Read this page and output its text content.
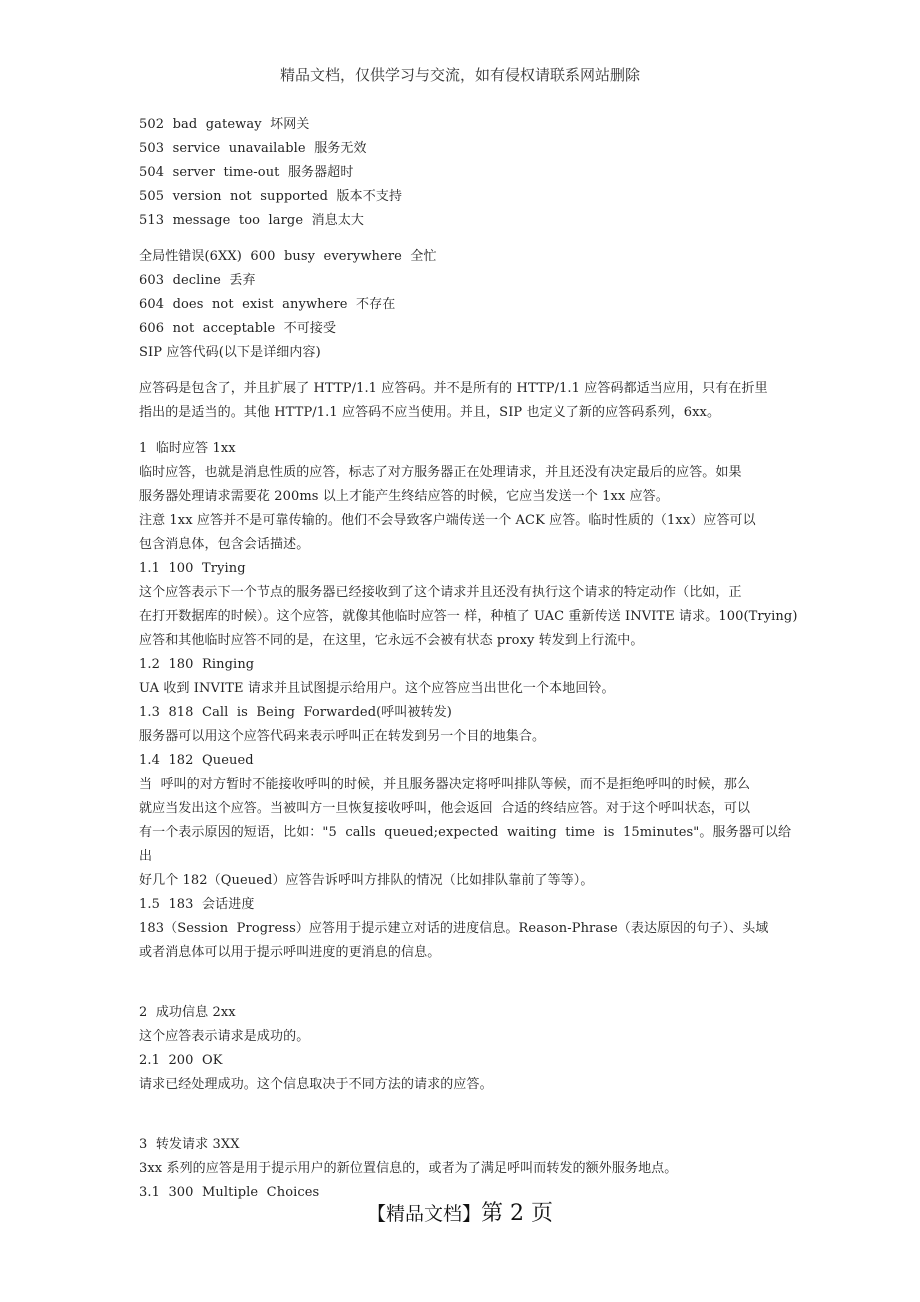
精品文档，仅供学习与交流，如有侵权请联系网站删除

502  bad  gateway  坏网关

503  service  unavailable  服务无效

504  server  time-out  服务器超时

505  version  not  supported  版本不支持

513  message  too  large  消息太大

全局性错误(6XX)  600  busy  everywhere  全忙

603  decline  丢弃

604  does  not  exist  anywhere  不存在

606  not  acceptable  不可接受

SIP 应答代码(以下是详细内容)

应答码是包含了，并且扩展了 HTTP/1.1 应答码。并不是所有的 HTTP/1.1 应答码都适当应用，只有在折里

指出的是适当的。其他 HTTP/1.1 应答码不应当使用。并且，SIP 也定义了新的应答码系列，6xx。

1  临时应答 1xx

临时应答，也就是消息性质的应答，标志了对方服务器正在处理请求，并且还没有决定最后的应答。如果

服务器处理请求需要花 200ms 以上才能产生终结应答的时候，它应当发送一个 1xx 应答。

注意 1xx 应答并不是可靠传输的。他们不会导致客户端传送一个 ACK 应答。临时性质的（1xx）应答可以

包含消息体，包含会话描述。

1.1  100  Trying

这个应答表示下一个节点的服务器已经接收到了这个请求并且还没有执行这个请求的特定动作（比如，正

在打开数据库的时候）。这个应答，就像其他临时应答一 样，种植了 UAC 重新传送 INVITE 请求。100(Trying)

应答和其他临时应答不同的是，在这里，它永远不会被有状态 proxy 转发到上行流中。

1.2  180  Ringing

UA 收到 INVITE 请求并且试图提示给用户。这个应答应当出世化一个本地回铃。

1.3  818  Call  is  Being  Forwarded(呼叫被转发)

服务器可以用这个应答代码来表示呼叫正在转发到另一个目的地集合。

1.4  182  Queued

当  呼叫的对方暂时不能接收呼叫的时候，并且服务器决定将呼叫排队等候，而不是拒绝呼叫的时候，那么

就应当发出这个应答。当被叫方一旦恢复接收呼叫，他会返回  合适的终结应答。对于这个呼叫状态，可以

有一个表示原因的短语，比如："5  calls  queued;expected  waiting  time  is  15minutes"。服务器可以给出

好几个 182（Queued）应答告诉呼叫方排队的情况（比如排队靠前了等等）。

1.5  183  会话进度

183（Session  Progress）应答用于提示建立对话的进度信息。Reason-Phrase（表达原因的句子）、头域

或者消息体可以用于提示呼叫进度的更消息的信息。

2  成功信息 2xx

这个应答表示请求是成功的。

2.1  200  OK

请求已经处理成功。这个信息取决于不同方法的请求的应答。

3  转发请求 3XX

3xx 系列的应答是用于提示用户的新位置信息的，或者为了满足呼叫而转发的额外服务地点。

3.1  300  Multiple  Choices

【精品文档】第 2 页
